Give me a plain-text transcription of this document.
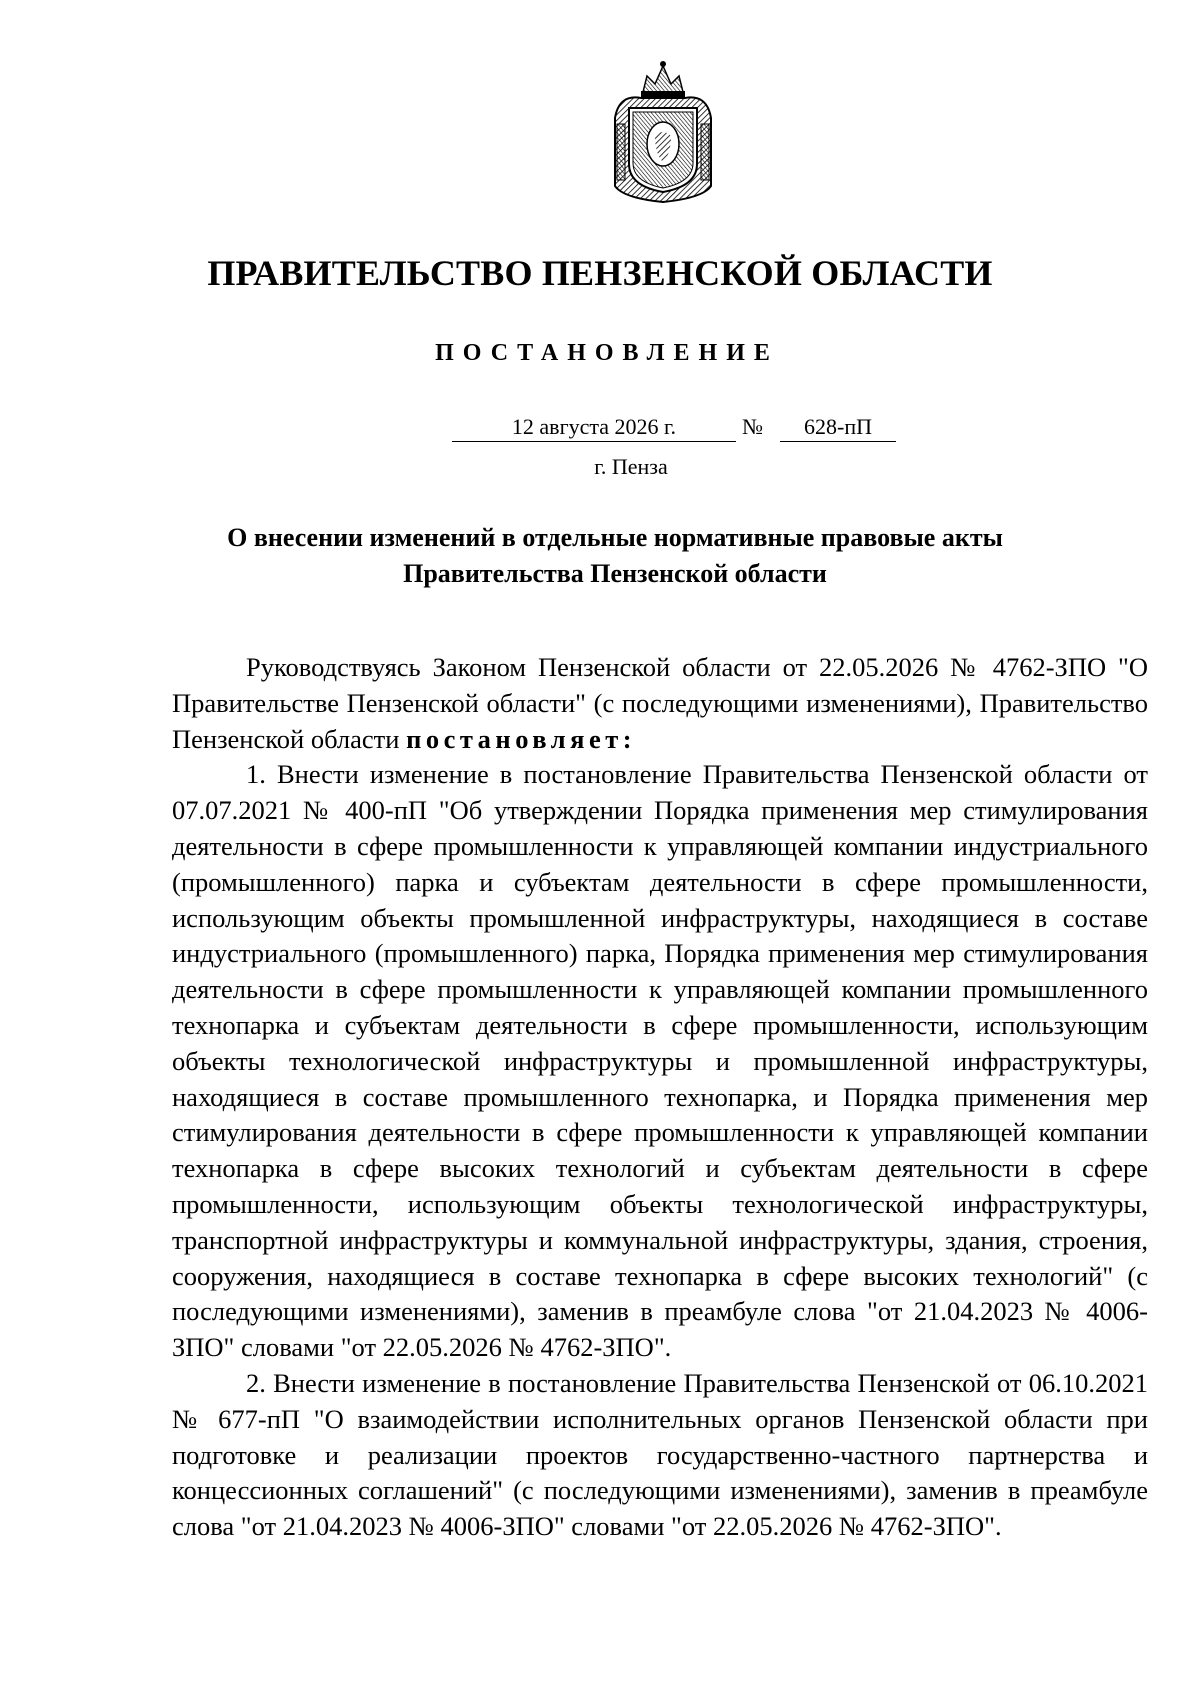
ПРАВИТЕЛЬСТВО ПЕНЗЕНСКОЙ ОБЛАСТИ
ПОСТАНОВЛЕНИЕ
12 августа 2026 г.	№	628-пП
г. Пенза
О внесении изменений в отдельные нормативные правовые акты
Правительства Пензенской области

Руководствуясь Законом Пензенской области от 22.05.2026 № 4762-ЗПО "О Правительстве Пензенской области" (с последующими изменениями), Правительство Пензенской области постановляет:

1. Внести изменение в постановление Правительства Пензенской области от 07.07.2021 № 400-пП "Об утверждении Порядка применения мер стимулирования деятельности в сфере промышленности к управляющей компании индустриального (промышленного) парка и субъектам деятельности в сфере промышленности, использующим объекты промышленной инфраструктуры, находящиеся в составе индустриального (промышленного) парка, Порядка применения мер стимулирования деятельности в сфере промышленности к управляющей компании промышленного технопарка и субъектам деятельности в сфере промышленности, использующим объекты технологической инфраструктуры и промышленной инфраструктуры, находящиеся в составе промышленного технопарка, и Порядка применения мер стимулирования деятельности в сфере промышленности к управляющей компании технопарка в сфере высоких технологий и субъектам деятельности в сфере промышленности, использующим объекты технологической инфраструктуры, транспортной инфраструктуры и коммунальной инфраструктуры, здания, строения, сооружения, находящиеся в составе технопарка в сфере высоких технологий" (с последующими изменениями), заменив в преамбуле слова "от 21.04.2023 № 4006-ЗПО" словами "от 22.05.2026 № 4762-ЗПО".

2. Внести изменение в постановление Правительства Пензенской от 06.10.2021 № 677-пП "О взаимодействии исполнительных органов Пензенской области при подготовке и реализации проектов государственно-частного партнерства и концессионных соглашений" (с последующими изменениями), заменив в преамбуле слова "от 21.04.2023 № 4006-ЗПО" словами "от 22.05.2026 № 4762-ЗПО".
